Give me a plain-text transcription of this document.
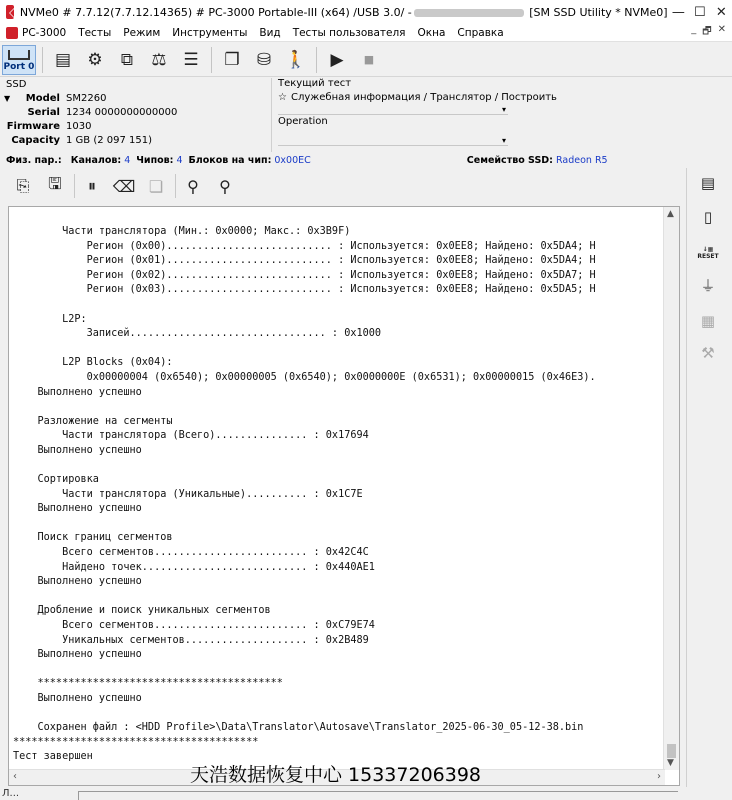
NVMe0 # 7.7.12(7.7.12.14365) # PC-3000 Portable-III (x64) /USB 3.0/ -	[SM SSD Utility * NVMe0] — ☐ ✕
PC-3000	Тесты	Режим	Инструменты	Вид	Тесты пользователя	Окна	Справка	_ 🗗 ✕
Port 0	▤ ⚙	⧉	⚖ ☰	❐	⛁ 🚶	▶	■
SSD
▼	Model SM2260
Serial 1234 0000000000000
Firmware 1030
Capacity 1 GB (2 097 151)
Текущий тест
☆ Служебная информация / Транслятор / Построить
▾
Operation
▾
Физ. пар.:
Каналов: 4 Чипов: 4 Блоков на чип: 0x00EC	Семейство SSD: Radeon R5
⎘	🖫	⏸	⌫ ❏	⚲	⚲
Части транслятора (Мин.: 0x0000; Макс.: 0x3B9F)
Регион (0x00)........................... : Используется: 0x0EE8; Найдено: 0x5DA4; Н
Регион (0x01)........................... : Используется: 0x0EE8; Найдено: 0x5DA4; Н
Регион (0x02)........................... : Используется: 0x0EE8; Найдено: 0x5DA7; Н
Регион (0x03)........................... : Используется: 0x0EE8; Найдено: 0x5DA5; Н

L2P:
Записей................................ : 0x1000

L2P Blocks (0x04):
0x00000004 (0x6540); 0x00000005 (0x6540); 0x0000000E (0x6531); 0x00000015 (0x46E3).
Выполнено успешно

Разложение на сегменты
Части транслятора (Всего)............... : 0x17694
Выполнено успешно

Сортировка
Части транслятора (Уникальные).......... : 0x1C7E
Выполнено успешно

Поиск границ сегментов
Всего сегментов......................... : 0x42C4C
Найдено точек........................... : 0x440AE1
Выполнено успешно

Дробление и поиск уникальных сегментов
Всего сегментов......................... : 0xC79E74
Уникальных сегментов.................... : 0x2B489
Выполнено успешно

****************************************
Выполнено успешно

Сохранен файл : <HDD Profile>\Data\Translator\Autosave\Translator_2025-06-30_05-12-38.bin
****************************************
Тест завершен
▲
▼
‹	›
天浩数据恢复中心 15337206398
▤
▯
↓▦
RESET
⏚
▦
⚒
Л...
